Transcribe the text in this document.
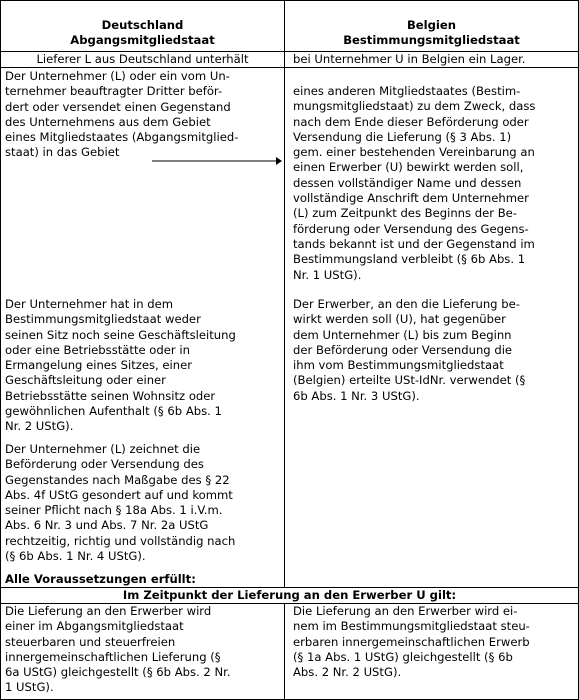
Deutschland
Abgangsmitgliedstaat
Belgien
Bestimmungsmitgliedstaat
Lieferer L aus Deutschland unterhält	bei Unternehmer U in Belgien ein Lager.
Der Unternehmer (L) oder ein vom Un-
ternehmer beauftragter Dritter beför-
dert oder versendet einen Gegenstand
des Unternehmens aus dem Gebiet
eines Mitgliedstaates (Abgangsmitglied-
staat) in das Gebiet
eines anderen Mitgliedstaates (Bestim-
mungsmitgliedstaat) zu dem Zweck, dass
nach dem Ende dieser Beförderung oder
Versendung die Lieferung (§ 3 Abs. 1)
gem. einer bestehenden Vereinbarung an
einen Erwerber (U) bewirkt werden soll,
dessen vollständiger Name und dessen
vollständige Anschrift dem Unternehmer
(L) zum Zeitpunkt des Beginns der Be-
förderung oder Versendung des Gegens-
tands bekannt ist und der Gegenstand im
Bestimmungsland verbleibt (§ 6b Abs. 1
Nr. 1 UStG).
Der Unternehmer hat in dem
Bestimmungsmitgliedstaat weder
seinen Sitz noch seine Geschäftsleitung
oder eine Betriebsstätte oder in
Ermangelung eines Sitzes, einer
Geschäftsleitung oder einer
Betriebsstätte seinen Wohnsitz oder
gewöhnlichen Aufenthalt (§ 6b Abs. 1
Nr. 2 UStG).
Der Erwerber, an den die Lieferung be-
wirkt werden soll (U), hat gegenüber
dem Unternehmer (L) bis zum Beginn
der Beförderung oder Versendung die
ihm vom Bestimmungsmitgliedstaat
(Belgien) erteilte USt-IdNr. verwendet (§
6b Abs. 1 Nr. 3 UStG).
Der Unternehmer (L) zeichnet die
Beförderung oder Versendung des
Gegenstandes nach Maßgabe des § 22
Abs. 4f UStG gesondert auf und kommt
seiner Pflicht nach § 18a Abs. 1 i.V.m.
Abs. 6 Nr. 3 und Abs. 7 Nr. 2a UStG
rechtzeitig, richtig und vollständig nach
(§ 6b Abs. 1 Nr. 4 UStG).
Alle Voraussetzungen erfüllt:
Im Zeitpunkt der Lieferung an den Erwerber U gilt:
Die Lieferung an den Erwerber wird
einer im Abgangsmitgliedstaat
steuerbaren und steuerfreien
innergemeinschaftlichen Lieferung (§
6a UStG) gleichgestellt (§ 6b Abs. 2 Nr.
1 UStG).
Die Lieferung an den Erwerber wird ei-
nem im Bestimmungsmitgliedstaat steu-
erbaren innergemeinschaftlichen Erwerb
(§ 1a Abs. 1 UStG) gleichgestellt (§ 6b
Abs. 2 Nr. 2 UStG).
